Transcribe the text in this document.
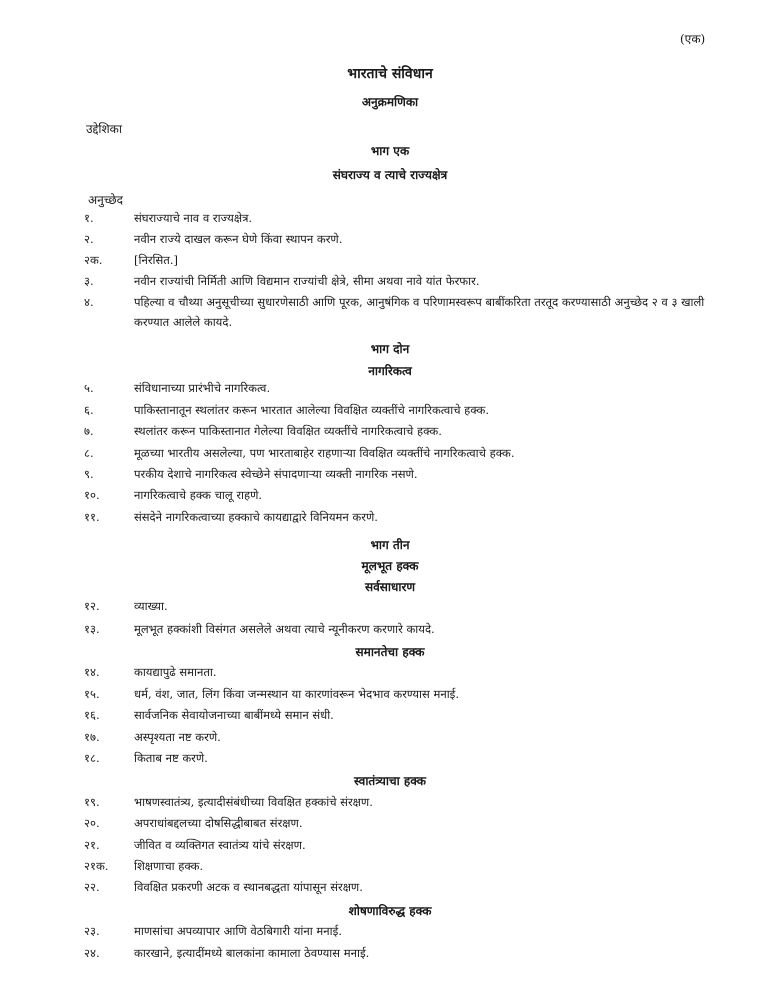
(एक)
भारताचे संविधान
अनुक्रमणिका
उद्देशिका
भाग एक
संघराज्य व त्याचे राज्यक्षेत्र
अनुच्छेद
१.	संघराज्याचे नाव व राज्यक्षेत्र.
२.	नवीन राज्ये दाखल करून घेणे किंवा स्थापन करणे.
२क.	[निरसित.]
३.	नवीन राज्यांची निर्मिती आणि विद्यमान राज्यांची क्षेत्रे, सीमा अथवा नावे यांत फेरफार.
४.	पहिल्या व चौथ्या अनुसूचीच्या सुधारणेसाठी आणि पूरक, आनुषंगिक व परिणामस्वरूप बाबींकरिता तरतूद करण्यासाठी अनुच्छेद २ व ३ खाली करण्यात आलेले कायदे.
भाग दोन
नागरिकत्व
५.	संविधानाच्या प्रारंभीचे नागरिकत्व.
६.	पाकिस्तानातून स्थलांतर करून भारतात आलेल्या विवक्षित व्यक्तींचे नागरिकत्वाचे हक्क.
७.	स्थलांतर करून पाकिस्तानात गेलेल्या विवक्षित व्यक्तींचे नागरिकत्वाचे हक्क.
८.	मूळच्या भारतीय असलेल्या, पण भारताबाहेर राहणाऱ्या विवक्षित व्यक्तींचे नागरिकत्वाचे हक्क.
९.	परकीय देशाचे नागरिकत्व स्वेच्छेने संपादणाऱ्या व्यक्ती नागरिक नसणे.
१०.	नागरिकत्वाचे हक्क चालू राहणे.
११.	संसदेने नागरिकत्वाच्या हक्काचे कायद्याद्वारे विनियमन करणे.
भाग तीन
मूलभूत हक्क
सर्वसाधारण
१२.	व्याख्या.
१३.	मूलभूत हक्कांशी विसंगत असलेले अथवा त्याचे न्यूनीकरण करणारे कायदे.
समानतेचा हक्क
१४.	कायद्यापुढे समानता.
१५.	धर्म, वंश, जात, लिंग किंवा जन्मस्थान या कारणांवरून भेदभाव करण्यास मनाई.
१६.	सार्वजनिक सेवायोजनाच्या बाबींमध्ये समान संधी.
१७.	अस्पृश्यता नष्ट करणे.
१८.	किताब नष्ट करणे.
स्वातंत्र्याचा हक्क
१९.	भाषणस्वातंत्र्य, इत्यादीसंबंधीच्या विवक्षित हक्कांचे संरक्षण.
२०.	अपराधांबद्दलच्या दोषसिद्धीबाबत संरक्षण.
२१.	जीवित व व्यक्तिगत स्वातंत्र्य यांचे संरक्षण.
२१क.	शिक्षणाचा हक्क.
२२.	विवक्षित प्रकरणी अटक व स्थानबद्धता यांपासून संरक्षण.
शोषणाविरुद्ध हक्क
२३.	माणसांचा अपव्यापार आणि वेठबिगारी यांना मनाई.
२४.	कारखाने, इत्यादींमध्ये बालकांना कामाला ठेवण्यास मनाई.
